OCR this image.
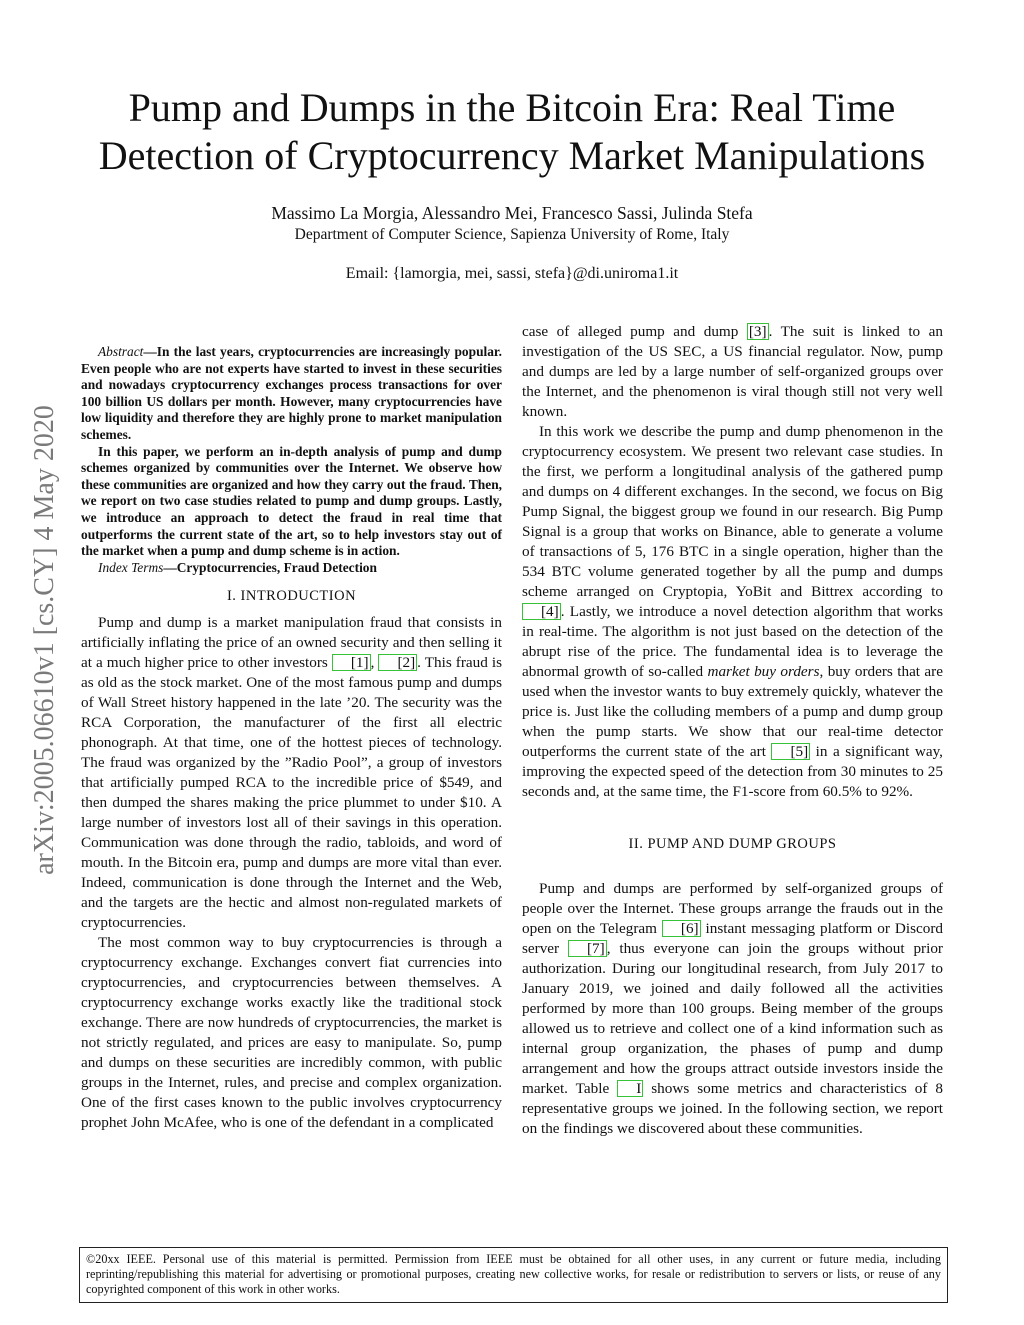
Pump and Dumps in the Bitcoin Era: Real Time
Detection of Cryptocurrency Market Manipulations
Massimo La Morgia, Alessandro Mei, Francesco Sassi, Julinda Stefa
Department of Computer Science, Sapienza University of Rome, Italy
Email: {lamorgia, mei, sassi, stefa}@di.uniroma1.it
arXiv:2005.06610v1 [cs.CY] 4 May 2020

Abstract—In the last years, cryptocurrencies are increasingly popular. Even people who are not experts have started to invest in these securities and nowadays cryptocurrency exchanges process transactions for over 100 billion US dollars per month. However, many cryptocurrencies have low liquidity and therefore they are highly prone to market manipulation schemes.

In this paper, we perform an in-depth analysis of pump and dump schemes organized by communities over the Internet. We observe how these communities are organized and how they carry out the fraud. Then, we report on two case studies related to pump and dump groups. Lastly, we introduce an approach to detect the fraud in real time that outperforms the current state of the art, so to help investors stay out of the market when a pump and dump scheme is in action.

Index Terms—Cryptocurrencies, Fraud Detection

I. INTRODUCTION

Pump and dump is a market manipulation fraud that consists in artificially inflating the price of an owned security and then selling it at a much higher price to other investors [1] , [2] . This fraud is as old as the stock market. One of the most famous pump and dumps of Wall Street history happened in the late ’20. The security was the RCA Corporation, the manufacturer of the first all electric phonograph. At that time, one of the hottest pieces of technology. The fraud was organized by the ”Radio Pool”, a group of investors that artificially pumped RCA to the incredible price of $549, and then dumped the shares making the price plummet to under $10. A large number of investors lost all of their savings in this operation. Communication was done through the radio, tabloids, and word of mouth. In the Bitcoin era, pump and dumps are more vital than ever. Indeed, communication is done through the Internet and the Web, and the targets are the hectic and almost non-regulated markets of cryptocurrencies.

The most common way to buy cryptocurrencies is through a cryptocurrency exchange. Exchanges convert fiat currencies into cryptocurrencies, and cryptocurrencies between themselves. A cryptocurrency exchange works exactly like the traditional stock exchange. There are now hundreds of cryptocurrencies, the market is not strictly regulated, and prices are easy to manipulate. So, pump and dumps on these securities are incredibly common, with public groups in the Internet, rules, and precise and complex organization. One of the first cases known to the public involves cryptocurrency prophet John McAfee, who is one of the defendant in a complicated

case of alleged pump and dump [3] . The suit is linked to an investigation of the US SEC, a US financial regulator. Now, pump and dumps are led by a large number of self-organized groups over the Internet, and the phenomenon is viral though still not very well known.

In this work we describe the pump and dump phenomenon in the cryptocurrency ecosystem. We present two relevant case studies. In the first, we perform a longitudinal analysis of the gathered pump and dumps on 4 different exchanges. In the second, we focus on Big Pump Signal, the biggest group we found in our research. Big Pump Signal is a group that works on Binance, able to generate a volume of transactions of 5, 176 BTC in a single operation, higher than the 534 BTC volume generated together by all the pump and dumps scheme arranged on Cryptopia, YoBit and Bittrex according to [4] . Lastly, we introduce a novel detection algorithm that works in real-time. The algorithm is not just based on the detection of the abrupt rise of the price. The fundamental idea is to leverage the abnormal growth of so-called market buy orders, buy orders that are used when the investor wants to buy extremely quickly, whatever the price is. Just like the colluding members of a pump and dump group when the pump starts. We show that our real-time detector outperforms the current state of the art [5] in a significant way, improving the expected speed of the detection from 30 minutes to 25 seconds and, at the same time, the F1-score from 60.5% to 92%.

II. PUMP AND DUMP GROUPS

Pump and dumps are performed by self-organized groups of people over the Internet. These groups arrange the frauds out in the open on the Telegram [6] instant messaging platform or Discord server [7] , thus everyone can join the groups without prior authorization. During our longitudinal research, from July 2017 to January 2019, we joined and daily followed all the activities performed by more than 100 groups. Being member of the groups allowed us to retrieve and collect one of a kind information such as internal group organization, the phases of pump and dump arrangement and how the groups attract outside investors inside the market. Table I shows some metrics and characteristics of 8 representative groups we joined. In the following section, we report on the findings we discovered about these communities.

©20xx IEEE. Personal use of this material is permitted. Permission from IEEE must be obtained for all other uses, in any current or future media, including reprinting/republishing this material for advertising or promotional purposes, creating new collective works, for resale or redistribution to servers or lists, or reuse of any copyrighted component of this work in other works.
